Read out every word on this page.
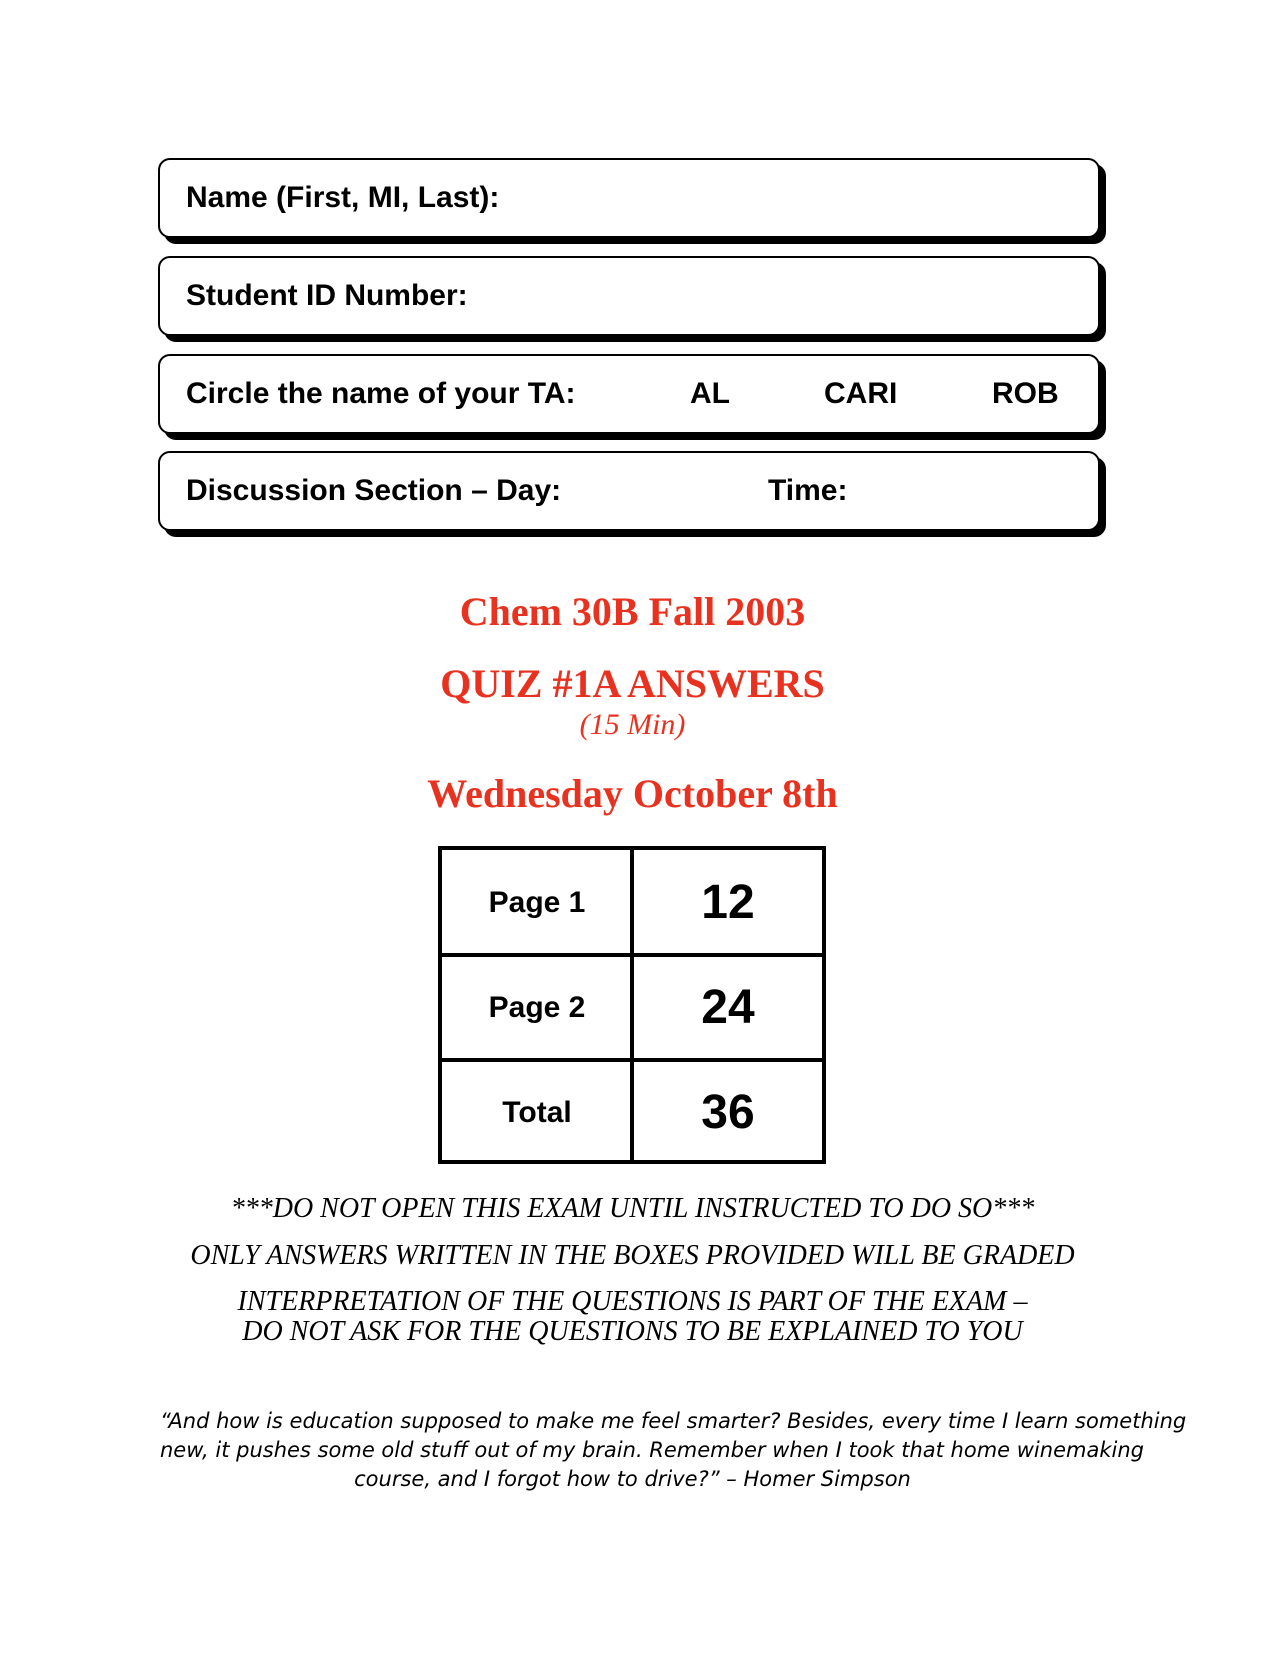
Name (First, MI, Last):
Student ID Number:
Circle the name of your TA:	AL	CARI	ROB
Discussion Section – Day:	Time:
Chem 30B Fall 2003
QUIZ #1A ANSWERS
(15 Min)
Wednesday October 8th
Page 1	12
Page 2	24
Total	36
***DO NOT OPEN THIS EXAM UNTIL INSTRUCTED TO DO SO***
ONLY ANSWERS WRITTEN IN THE BOXES PROVIDED WILL BE GRADED
INTERPRETATION OF THE QUESTIONS IS PART OF THE EXAM –
DO NOT ASK FOR THE QUESTIONS TO BE EXPLAINED TO YOU
“And how is education supposed to make me feel smarter? Besides, every time I learn something
new, it pushes some old stuff out of my brain. Remember when I took that home winemaking
course, and I forgot how to drive?” – Homer Simpson
